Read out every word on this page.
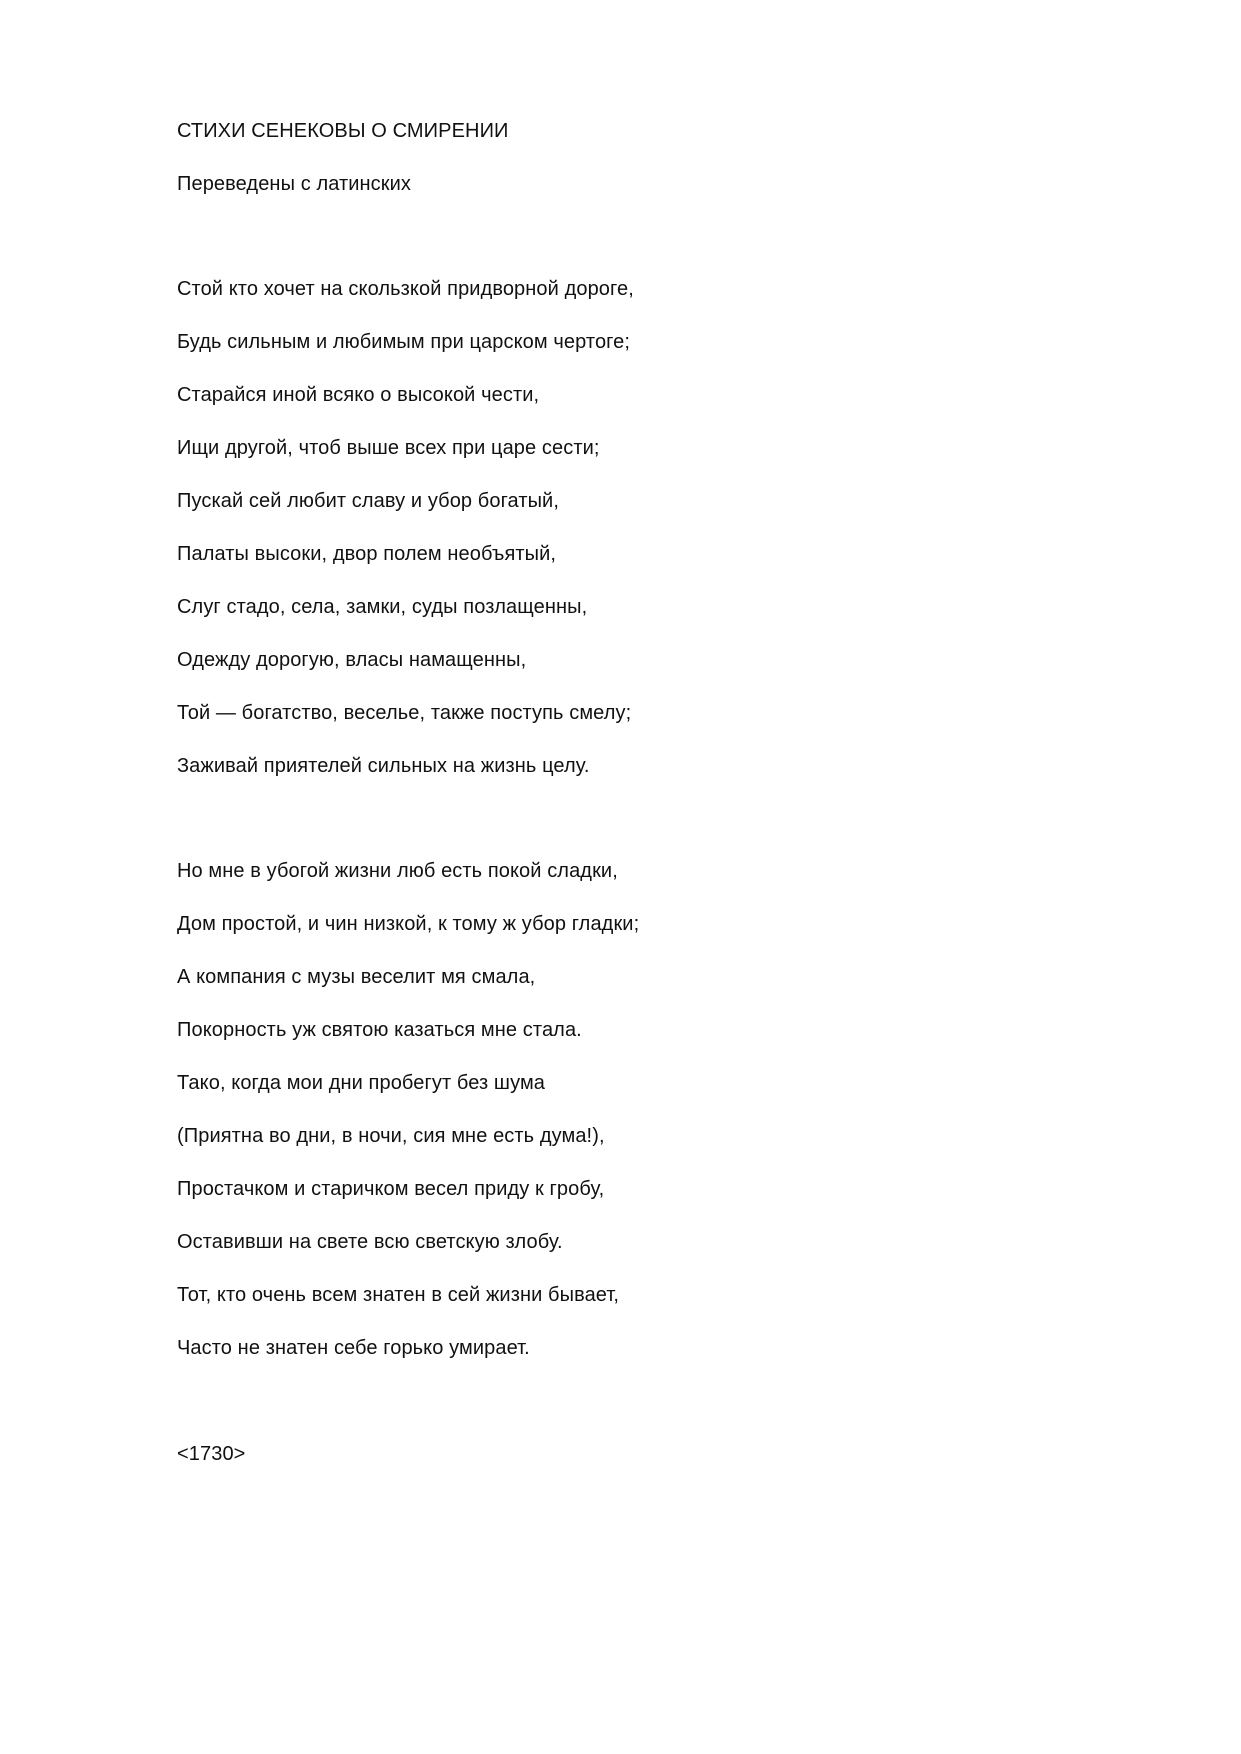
СТИХИ СЕНЕКОВЫ О СМИРЕНИИ
Переведены с латинских
Стой кто хочет на скользкой придворной дороге,
Будь сильным и любимым при царском чертоге;
Старайся иной всяко о высокой чести,
Ищи другой, чтоб выше всех при царе сести;
Пускай сей любит славу и убор богатый,
Палаты высоки, двор полем необъятый,
Слуг стадо, села, замки, суды позлащенны,
Одежду дорогую, власы намащенны,
Той — богатство, веселье, также поступь смелу;
Заживай приятелей сильных на жизнь целу.
Но мне в убогой жизни люб есть покой сладки,
Дом простой, и чин низкой, к тому ж убор гладки;
А компания с музы веселит мя смала,
Покорность уж святою казаться мне стала.
Тако, когда мои дни пробегут без шума
(Приятна во дни, в ночи, сия мне есть дума!),
Простачком и старичком весел приду к гробу,
Оставивши на свете всю светскую злобу.
Тот, кто очень всем знатен в сей жизни бывает,
Часто не знатен себе горько умирает.
<1730>
